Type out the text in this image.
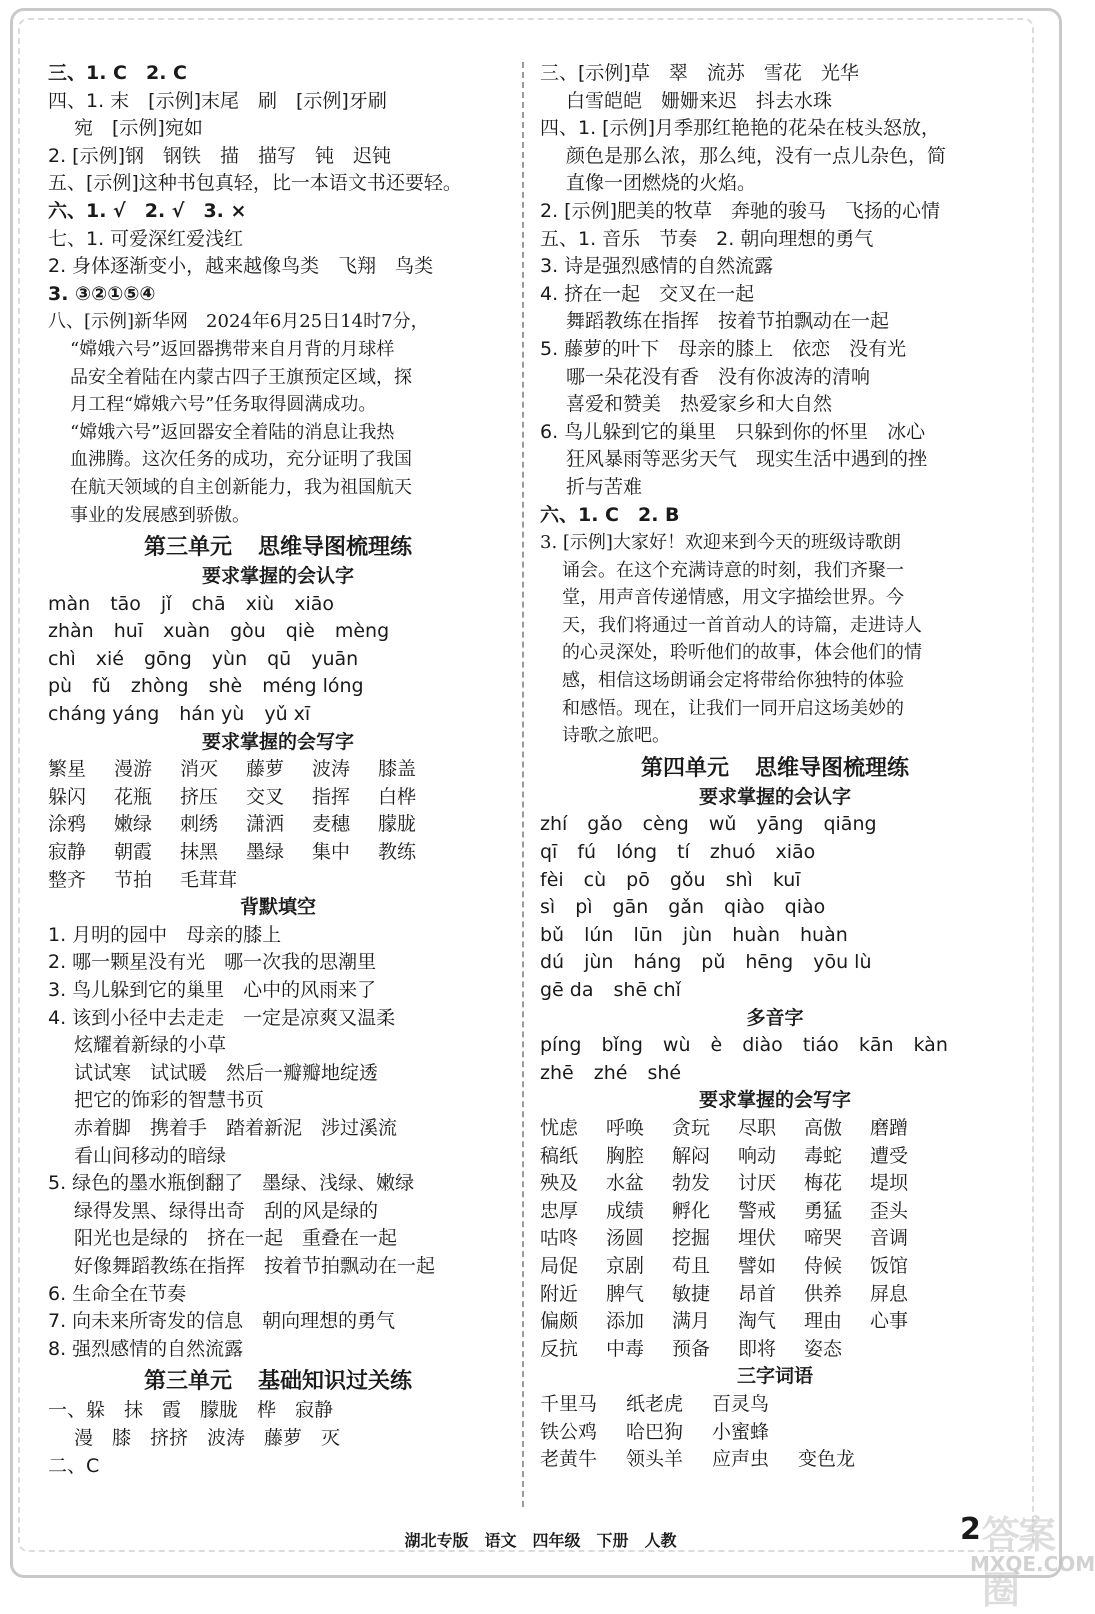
三、1. C　2. C
四、1. 末　[示例]末尾　刷　[示例]牙刷
宛　[示例]宛如
2. [示例]钢　钢铁　描　描写　钝　迟钝
五、[示例]这种书包真轻，比一本语文书还要轻。
六、1. √　2. √　3. ×
七、1. 可爱深红爱浅红
2. 身体逐渐变小，越来越像鸟类　飞翔　鸟类
3. ③②①⑤④
八、[示例]新华网　2024年6月25日14时7分，
“嫦娥六号”返回器携带来自月背的月球样
品安全着陆在内蒙古四子王旗预定区域，探
月工程“嫦娥六号”任务取得圆满成功。
“嫦娥六号”返回器安全着陆的消息让我热
血沸腾。这次任务的成功，充分证明了我国
在航天领域的自主创新能力，我为祖国航天
事业的发展感到骄傲。
第三单元 思维导图梳理练
要求掌握的会认字
màn tāo jǐ chā xiù xiāo
zhàn huī xuàn gòu qiè mèng
chì xié gōng yùn qū yuān
pù fǔ zhòng shè méng lóng
cháng yáng hán yù yǔ xī
要求掌握的会写字
繁星	漫游	消灭	藤萝	波涛	膝盖
躲闪	花瓶	挤压	交叉	指挥	白桦
涂鸦	嫩绿	刺绣	潇洒	麦穗	朦胧
寂静	朝霞	抹黑	墨绿	集中	教练
整齐	节拍	毛茸茸
背默填空
1. 月明的园中　母亲的膝上
2. 哪一颗星没有光　哪一次我的思潮里
3. 鸟儿躲到它的巢里　心中的风雨来了
4. 该到小径中去走走　一定是凉爽又温柔
炫耀着新绿的小草
试试寒　试试暖　然后一瓣瓣地绽透
把它的饰彩的智慧书页
赤着脚　携着手　踏着新泥　涉过溪流
看山间移动的暗绿
5. 绿色的墨水瓶倒翻了　墨绿、浅绿、嫩绿
绿得发黑、绿得出奇　刮的风是绿的
阳光也是绿的　挤在一起　重叠在一起
好像舞蹈教练在指挥　按着节拍飘动在一起
6. 生命全在节奏
7. 向未来所寄发的信息　朝向理想的勇气
8. 强烈感情的自然流露
第三单元 基础知识过关练
一、躲　抹　霞　朦胧　桦　寂静
漫　膝　挤挤　波涛　藤萝　灭
二、C
三、[示例]草　翠　流苏　雪花　光华
白雪皑皑　姗姗来迟　抖去水珠
四、1. [示例]月季那红艳艳的花朵在枝头怒放，
颜色是那么浓，那么纯，没有一点儿杂色，简
直像一团燃烧的火焰。
2. [示例]肥美的牧草　奔驰的骏马　飞扬的心情
五、1. 音乐　节奏　2. 朝向理想的勇气
3. 诗是强烈感情的自然流露
4. 挤在一起　交叉在一起
舞蹈教练在指挥　按着节拍飘动在一起
5. 藤萝的叶下　母亲的膝上　依恋　没有光
哪一朵花没有香　没有你波涛的清响
喜爱和赞美　热爱家乡和大自然
6. 鸟儿躲到它的巢里　只躲到你的怀里　冰心
狂风暴雨等恶劣天气　现实生活中遇到的挫
折与苦难
六、1. C　2. B
3. [示例]大家好！欢迎来到今天的班级诗歌朗
诵会。在这个充满诗意的时刻，我们齐聚一
堂，用声音传递情感，用文字描绘世界。今
天，我们将通过一首首动人的诗篇，走进诗人
的心灵深处，聆听他们的故事，体会他们的情
感，相信这场朗诵会定将带给你独特的体验
和感悟。现在，让我们一同开启这场美妙的
诗歌之旅吧。
第四单元 思维导图梳理练
要求掌握的会认字
zhí gǎo cèng wǔ yāng qiāng
qī fú lóng tí zhuó xiāo
fèi cù pō gǒu shì kuī
sì pì gān gǎn qiào qiào
bǔ lún lūn jùn huàn huàn
dú jùn háng pǔ hēng yōu lù
gē da shē chǐ
多音字
píng bǐng wù è diào tiáo kān kàn
zhē zhé shé
要求掌握的会写字
忧虑	呼唤	贪玩	尽职	高傲	磨蹭
稿纸	胸腔	解闷	响动	毒蛇	遭受
殃及	水盆	勃发	讨厌	梅花	堤坝
忠厚	成绩	孵化	警戒	勇猛	歪头
咕咚	汤圆	挖掘	埋伏	啼哭	音调
局促	京剧	苟且	譬如	侍候	饭馆
附近	脾气	敏捷	昂首	供养	屏息
偏颇	添加	满月	淘气	理由	心事
反抗	中毒	预备	即将	姿态
三字词语
千里马	纸老虎	百灵鸟
铁公鸡	哈巴狗	小蜜蜂
老黄牛	领头羊	应声虫	变色龙
湖北专版　语文　四年级　下册　人教	答案圈
MXQE.COM
2
